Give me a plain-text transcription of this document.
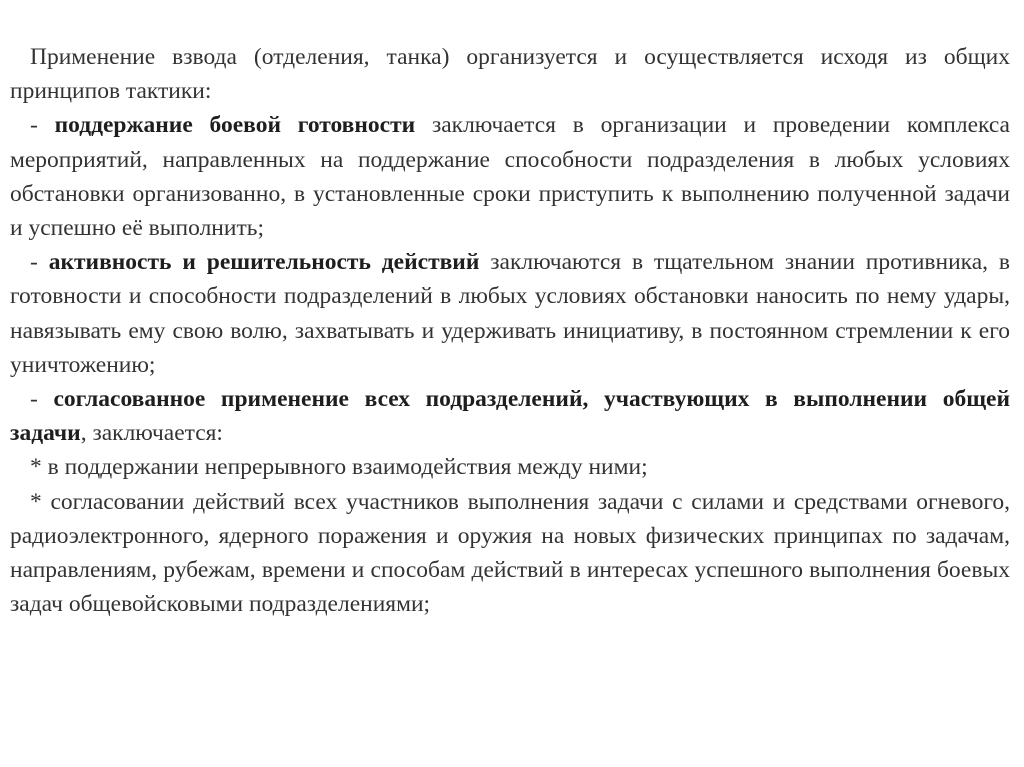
Применение взвода (отделения, танка) организуется и осуществляется исходя из общих принципов тактики:

- поддержание боевой готовности заключается в организации и проведении комплекса мероприятий, направленных на поддержание способности подразделения в любых условиях обстановки организованно, в установленные сроки приступить к выполнению полученной задачи и успешно её выполнить;

- активность и решительность действий заключаются в тщательном знании противника, в готовности и способности подразделений в любых условиях обстановки наносить по нему удары, навязывать ему свою волю, захватывать и удерживать инициативу, в постоянном стремлении к его уничтожению;

- согласованное применение всех подразделений, участвующих в выполнении общей задачи, заключается:

* в поддержании непрерывного взаимодействия между ними;

* согласовании действий всех участников выполнения задачи с силами и средствами огневого, радиоэлектронного, ядерного поражения и оружия на новых физических принципах по задачам, направлениям, рубежам, времени и способам действий в интересах успешного выполнения боевых задач общевойсковыми подразделениями;
